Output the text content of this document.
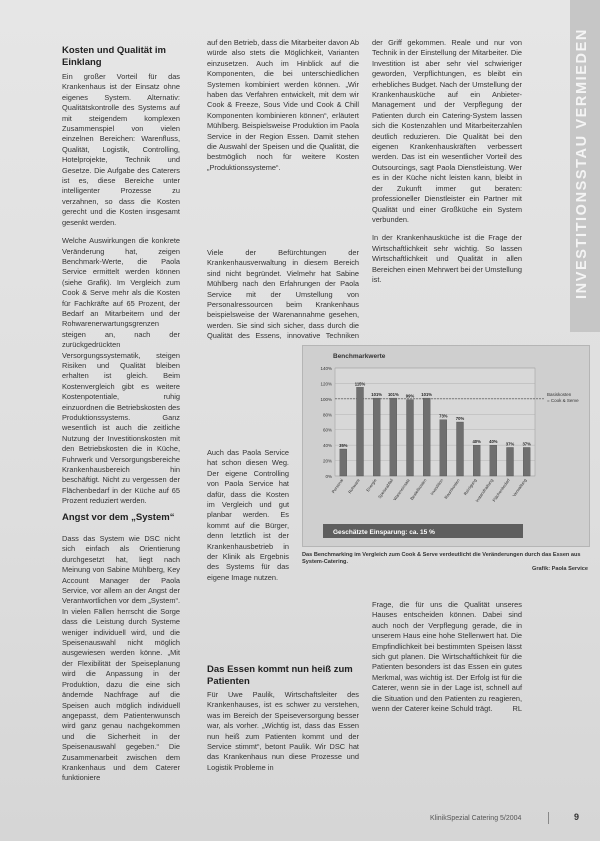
INVESTITIONSSTAU VERMIEDEN
Kosten und Qualität im Einklang

Ein großer Vorteil für das Krankenhaus ist der Einsatz ohne eigenes System. Alternativ: Qualitätskontrolle des Systems auf mit steigendem komplexen Zusammenspiel von vielen einzelnen Bereichen: Warenfluss, Qualität, Logistik, Controlling, Hotelprojekte, Technik und Gesetze. Die Aufgabe des Caterers ist es, diese Bereiche unter intelligenter Prozesse zu verzahnen, so dass die Kosten gerecht und die Kosten insgesamt gesenkt werden.

Welche Auswirkungen die konkrete Veränderung hat, zeigen Benchmark-Werte, die Paola Service ermittelt werden können (siehe Grafik). Im Vergleich zum Cook & Serve mehr als die Kosten für Fachkräfte auf 65 Prozent, der Bedarf an Mitarbeitern und der Rohwarenerwartungsgrenzen steigen an, nach der zurückgedrückten Versorgungssystematik, steigen Risiken und Qualität bleiben erhalten ist gleich. Beim Kostenvergleich gibt es weitere Kostenpotentiale, ruhig einzuordnen die Betriebskosten des Produktionssystems. Ganz wesentlich ist auch die zeitliche Nutzung der Investitionskosten mit den Betriebskosten die in Küche, Fuhrwerk und Versorgungsbereiche Krankenhausbereich hin beschäftigt. Nicht zu vergessen der Flächenbedarf in der Küche auf 65 Prozent reduziert werden.

Angst vor dem „System“

Dass das System wie DSC nicht sich einfach als Orientierung durchgesetzt hat, liegt nach Meinung von Sabine Mühlberg, Key Account Manager der Paola Service, vor allem an der Angst der Verantwortlichen vor dem „System“. In vielen Fällen herrscht die Sorge dass die Leistung durch Systeme weniger individuell wird, und die Speisenauswahl nicht möglich ausgewiesen werden könne. „Mit der Flexibilität der Speiseplanung wird die Anpassung in der Produktion, dazu die eine sich ändernde Nachfrage auf die Speisen auch möglich individuell angepasst, dem Patientenwunsch wird ganz genau nachgekommen und die Sicherheit in der Speisenauswahl gegeben.“ Die Zusammenarbeit zwischen dem Krankenhaus und dem Caterer funktioniere

auf den Betrieb, dass die Mitarbeiter davon Ab würde also stets die Möglichkeit, Varianten einzusetzen. Auch im Hinblick auf die Komponenten, die bei unterschiedlichen Systemen kombiniert werden können. „Wir haben das Verfahren entwickelt, mit dem wir Cook & Freeze, Sous Vide und Cook & Chill Komponenten kombinieren können“, erläutert Mühlberg. Beispielsweise Produktion im Paola Service in der Region Essen. Damit stehen die Auswahl der Speisen und die Qualität, die bestmöglich noch für weitere Kosten „Produktionssysteme“.

Viele der Befürchtungen der Krankenhausverwaltung in diesem Bereich sind nicht begründet. Vielmehr hat Sabine Mühlberg nach den Erfahrungen der Paola Service mit der Umstellung von Personalressourcen beim Krankenhaus beispielsweise der Warenannahme gesehen, werden. Sie sind sich sicher, dass durch die Qualität des Essens, innovative Techniken

Auch das Paola Service hat schon diesen Weg. Der eigene Controlling von Paola Service hat dafür, dass die Kosten im Vergleich und gut planbar werden. Es kommt auf die Bürger, denn letztlich ist der Krankenhausbetrieb in der Klinik als Ergebnis des Systems für das eigene Image nutzen.

der Griff gekommen. Reale und nur von Technik in der Einstellung der Mitarbeiter. Die Investition ist aber sehr viel schwieriger geworden, Verpflichtungen, es bleibt ein erhebliches Budget. Nach der Umstellung der Krankenhausküche auf ein Anbieter-Management und der Verpflegung der Patienten durch ein Catering-System lassen sich die Kostenzahlen und Mitarbeiterzahlen deutlich reduzieren. Die Qualität bei den eigenen Krankenhauskräften verbessert werden. Das ist ein wesentlicher Vorteil des Outsourcings, sagt Paola Dienstleistung. Wer es in der Küche nicht leisten kann, bleibt in der Zukunft immer gut beraten: professioneller Dienstleister ein Partner mit Qualität und einer Großküche ein System verbunden.

In der Krankenhausküche ist die Frage der Wirtschaftlichkeit sehr wichtig. So lassen Wirtschaftlichkeit und Qualität in allen Bereichen einen Mehrwert bei der Umstellung ist.

Benchmarkwerte
0%
20%
40%
60%
80%
100%
120%
140%
Basiskosten
= Cook & Serve
35%
Personal
115%
Rohware
101%
Energie
101%
Speiseabfall
99%
Wareneinsatz
101%
Bestellkosten
73%
Investition
70%
Raumkosten
40%
Reinigung
40%
Instandhaltung
37%
Flächenbedarf
37%
Verwaltung
Geschätzte Einsparung: ca. 15 %
Das Benchmarking im Vergleich zum Cook & Serve verdeutlicht die Veränderungen durch das Essen aus System-Catering.
Grafik: Paola Service
Das Essen kommt nun heiß zum Patienten

Für Uwe Paulik, Wirtschaftsleiter des Krankenhauses, ist es schwer zu verstehen, was im Bereich der Speiseversorgung besser war, als vorher. „Wichtig ist, dass das Essen nun heiß zum Patienten kommt und der Service stimmt“, betont Paulik. Wir DSC hat das Krankenhaus nun diese Prozesse und Logistik Probleme in

Frage, die für uns die Qualität unseres Hauses entscheiden können. Dabei sind auch noch der Verpflegung gerade, die in unserem Haus eine hohe Stellenwert hat. Die Empfindlichkeit bei bestimmten Speisen lässt sich gut planen. Die Wirtschaftlichkeit für die Patienten besonders ist das Essen ein gutes Merkmal, was wichtig ist. Der Erfolg ist für die Caterer, wenn sie in der Lage ist, schnell auf die Situation und den Patienten zu reagieren, wenn der Caterer keine Schuld trägt.	RL

KlinikSpezial Catering 5/2004	9
